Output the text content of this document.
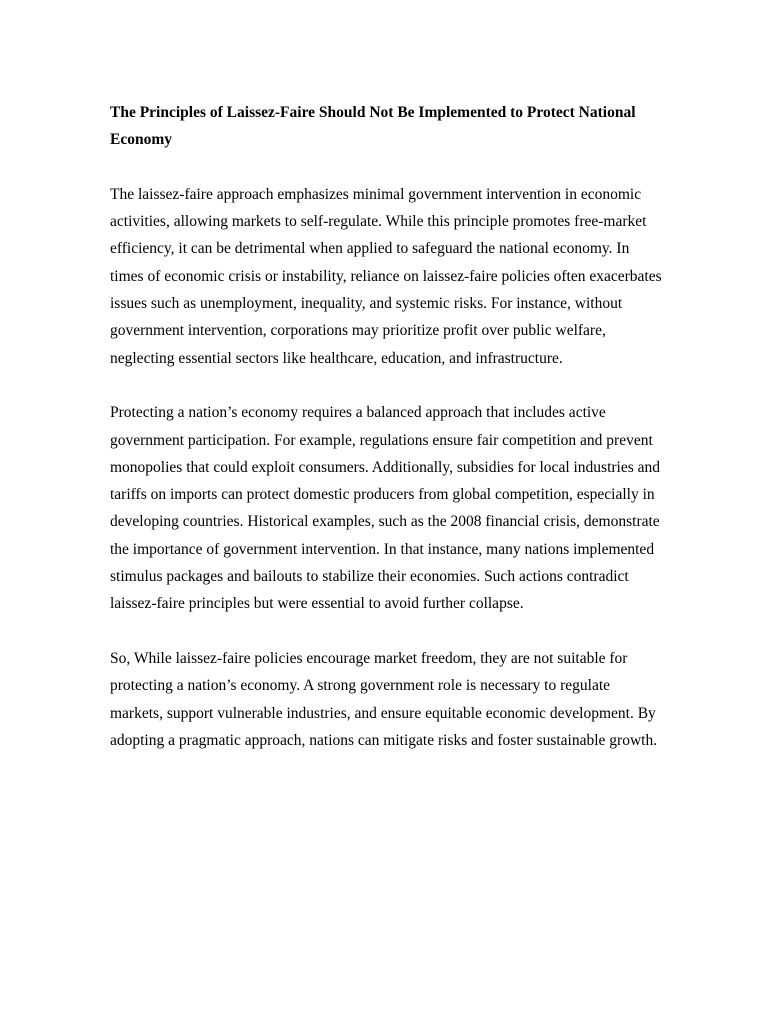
The Principles of Laissez-Faire Should Not Be Implemented to Protect National Economy

The laissez-faire approach emphasizes minimal government intervention in economic activities, allowing markets to self-regulate. While this principle promotes free-market efficiency, it can be detrimental when applied to safeguard the national economy. In times of economic crisis or instability, reliance on laissez-faire policies often exacerbates issues such as unemployment, inequality, and systemic risks. For instance, without government intervention, corporations may prioritize profit over public welfare, neglecting essential sectors like healthcare, education, and infrastructure.

Protecting a nation’s economy requires a balanced approach that includes active government participation. For example, regulations ensure fair competition and prevent monopolies that could exploit consumers. Additionally, subsidies for local industries and tariffs on imports can protect domestic producers from global competition, especially in developing countries. Historical examples, such as the 2008 financial crisis, demonstrate the importance of government intervention. In that instance, many nations implemented stimulus packages and bailouts to stabilize their economies. Such actions contradict laissez-faire principles but were essential to avoid further collapse.

So, While laissez-faire policies encourage market freedom, they are not suitable for protecting a nation’s economy. A strong government role is necessary to regulate markets, support vulnerable industries, and ensure equitable economic development. By adopting a pragmatic approach, nations can mitigate risks and foster sustainable growth.
